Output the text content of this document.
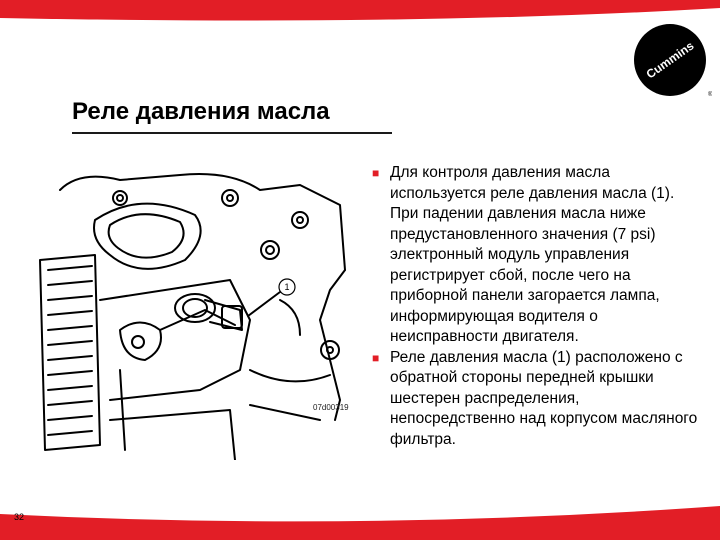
Cummins
®
Реле давления масла
1
07d00319
■ Для контроля давления масла используется реле давления масла (1). При падении давления масла ниже предустановленного значения (7 psi) электронный модуль управления регистрирует сбой, после чего на приборной панели загорается лампа, информирующая водителя о неисправности двигателя.
■ Реле давления масла (1) расположено с обратной стороны передней крышки шестерен распределения, непосредственно над корпусом масляного фильтра.
32
